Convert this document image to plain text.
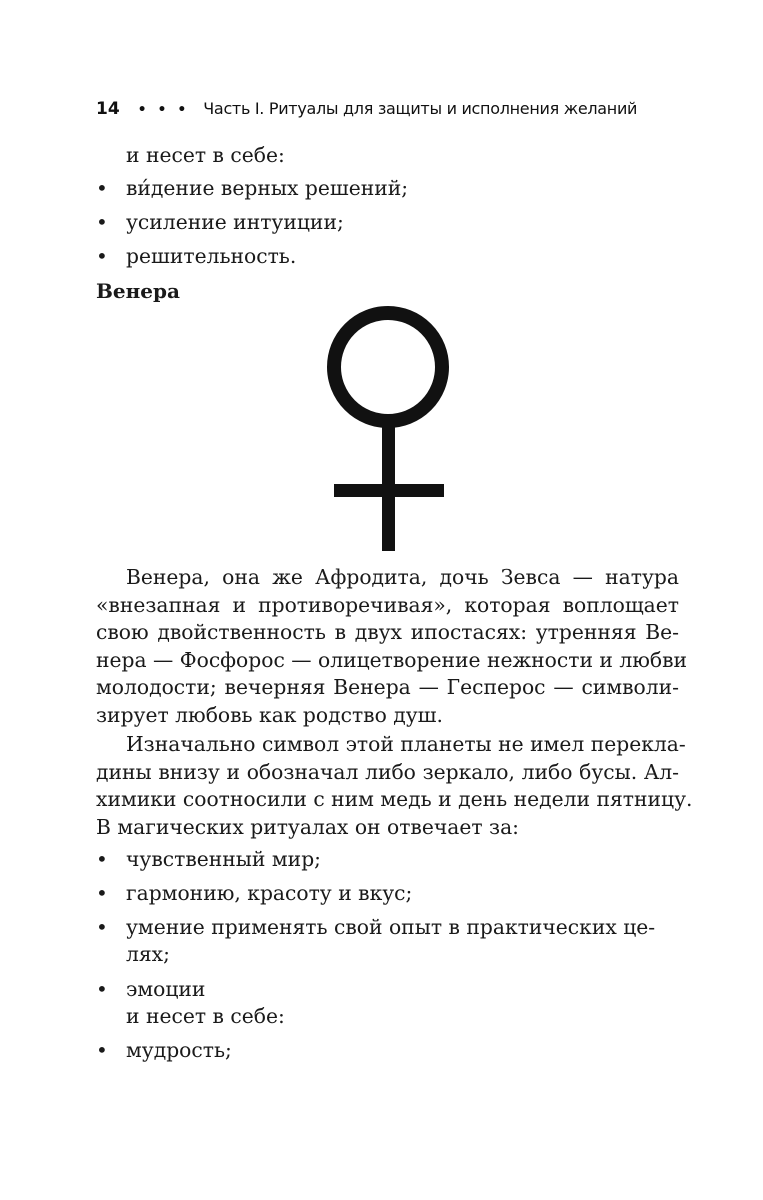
14 • • • Часть I. Ритуалы для защиты и исполнения желаний
и несет в себе:
• ви́дение верных решений;
• усиление интуиции;
• решительность.
Венера
Венера, она же Афродита, дочь Зевса — натура
«внезапная и противоречивая», которая воплощает
свою двойственность в двух ипостасях: утренняя Ве-
нера — Фосфорос — олицетворение нежности и любви
молодости; вечерняя Венера — Гесперос — символи-
зирует любовь как родство душ.
Изначально символ этой планеты не имел перекла-
дины внизу и обозначал либо зеркало, либо бусы. Ал-
химики соотносили с ним медь и день недели пятницу.
В магических ритуалах он отвечает за:
• чувственный мир;
• гармонию, красоту и вкус;
• умение применять свой опыт в практических це-
лях;
• эмоции
и несет в себе:
• мудрость;
